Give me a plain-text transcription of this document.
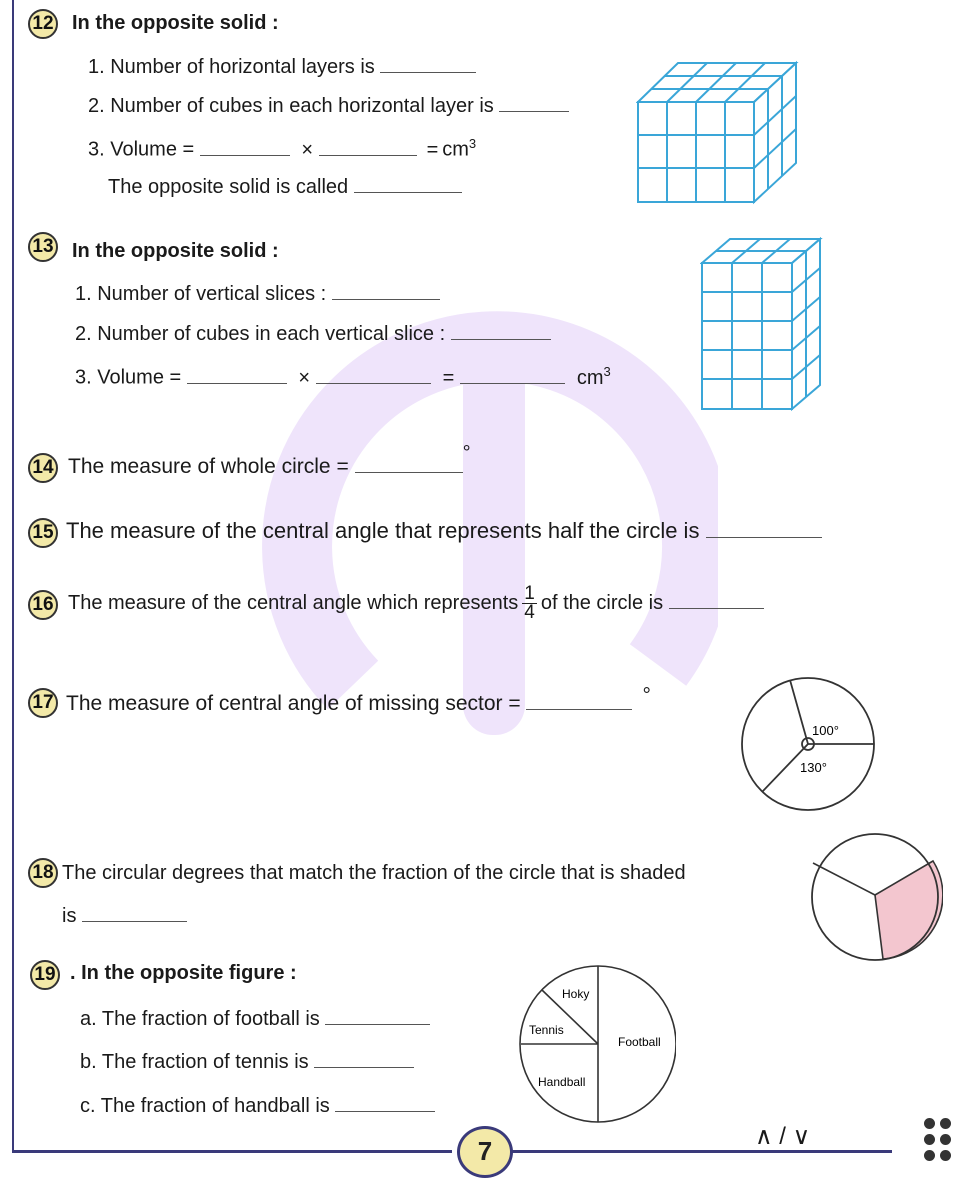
12 In the opposite solid :
1. Number of horizontal layers is
2. Number of cubes in each horizontal layer is
3. Volume =	×	= $cm^3$
The opposite solid is called
13 In the opposite solid :
1. Number of vertical slices :
2. Number of cubes in each vertical slice :
3. Volume =	×	=	$cm^3$
14 The measure of whole circle = °
15 The measure of the central angle that represents half the circle is
16 The measure of the central angle which represents $\frac{1}{4}$ of the circle is
17 The measure of central angle of missing sector =	°
100°
130°
18 The circular degrees that match the fraction of the circle that is shaded
is
19 . In the opposite figure :
a. The fraction of football is
b. The fraction of tennis is
c. The fraction of handball is
Hoky
Tennis
Football
Handball
7	∧ / ∨
